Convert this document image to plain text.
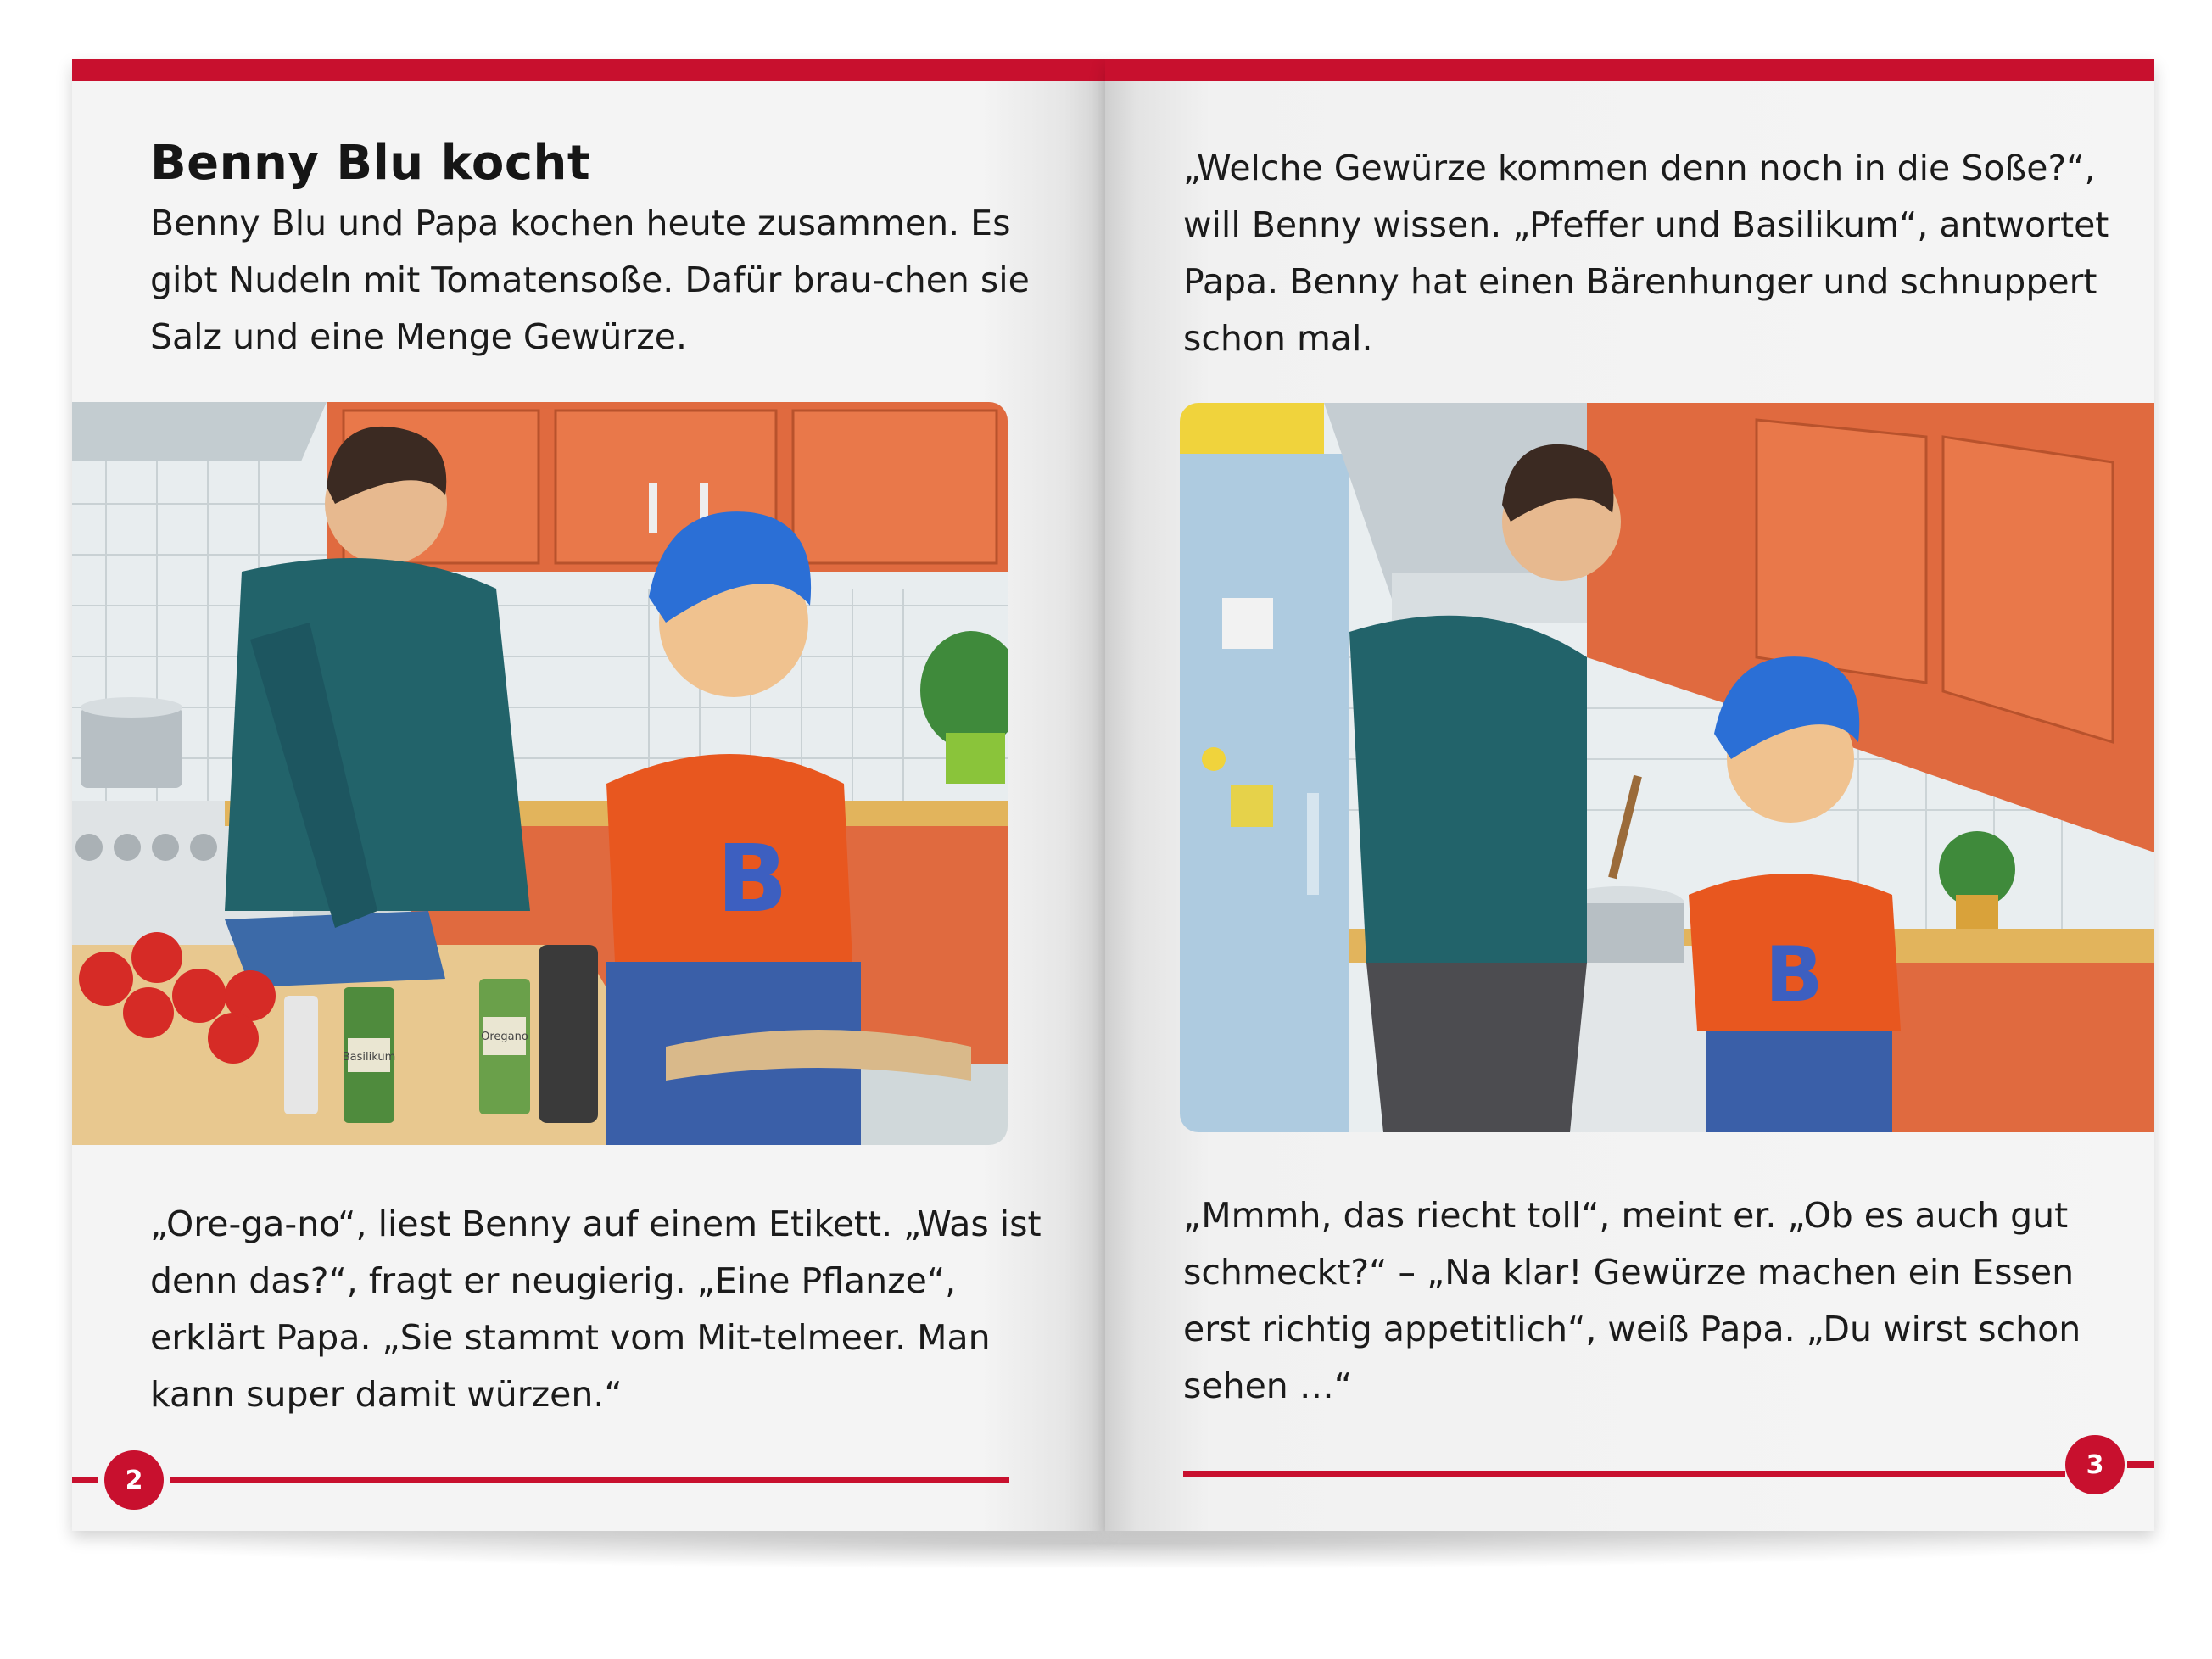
Benny Blu kocht

Benny Blu und Papa kochen heute zusammen. Es gibt Nudeln mit Tomatensoße. Dafür brau-chen sie Salz und eine Menge Gewürze.

Basilikum
Oregano
B

„Ore-ga-no“, liest Benny auf einem Etikett. „Was ist denn das?“, fragt er neugierig. „Eine Pflanze“, erklärt Papa. „Sie stammt vom Mit-telmeer. Man kann super damit würzen.“

2

„Welche Gewürze kommen denn noch in die Soße?“, will Benny wissen. „Pfeffer und Basilikum“, antwortet Papa. Benny hat einen Bärenhunger und schnuppert schon mal.

B

„Mmmh, das riecht toll“, meint er. „Ob es auch gut schmeckt?“ – „Na klar! Gewürze machen ein Essen erst richtig appetitlich“, weiß Papa. „Du wirst schon sehen …“

3
